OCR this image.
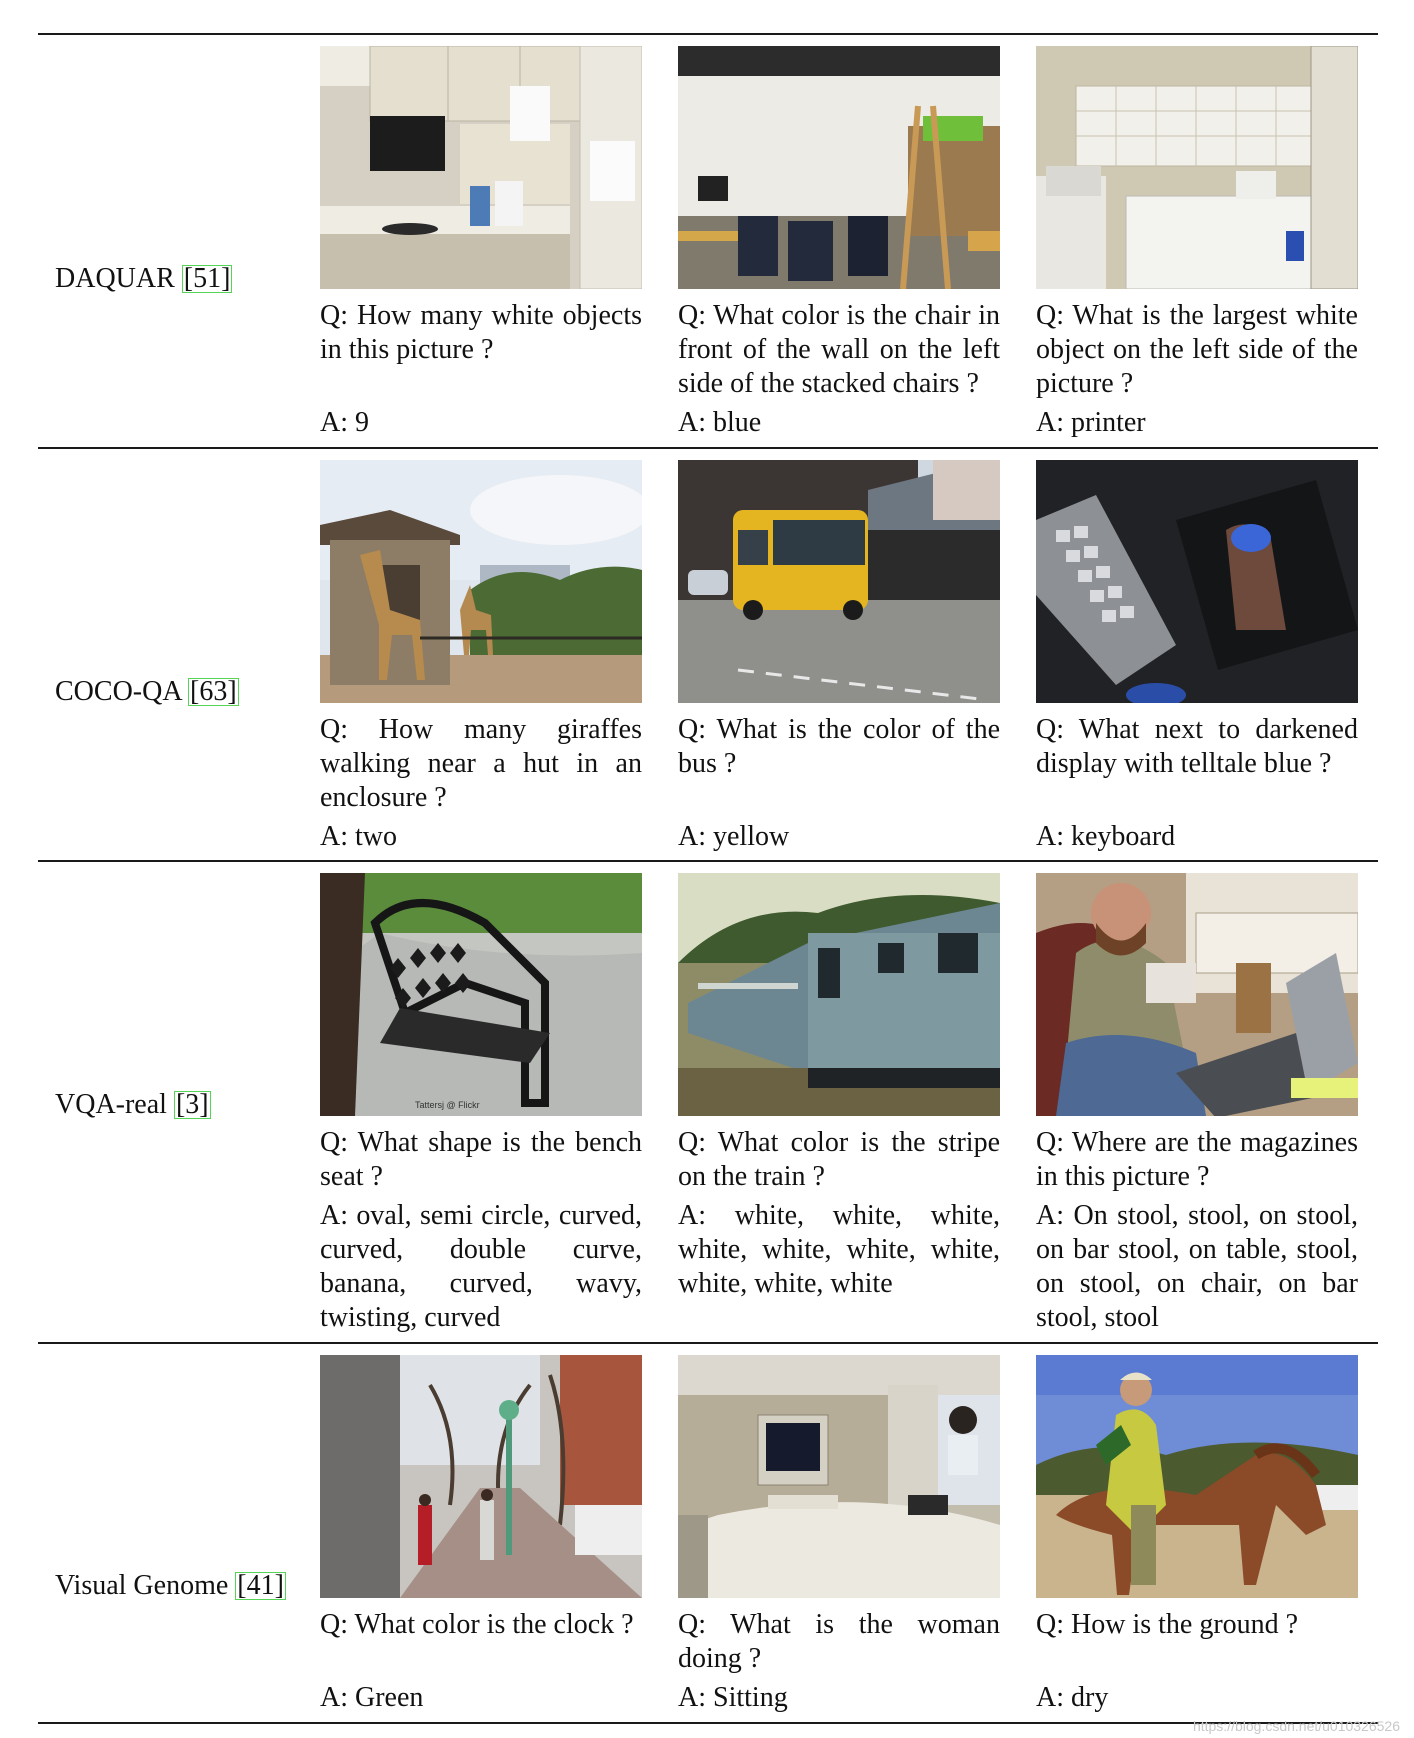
DAQUAR [51]
Q: How many white objects in this picture ?
A: 9
Q: What color is the chair in front of the wall on the left side of the stacked chairs ?
A: blue
Q: What is the largest white object on the left side of the picture ?
A: printer
COCO-QA [63]
Q: How many giraffes walking near a hut in an enclosure ?
A: two
Q: What is the color of the bus ?
A: yellow
Q: What next to darkened display with telltale blue ?
A: keyboard
VQA-real [3]	Tattersj @ Flickr
Q: What shape is the bench seat ?
A: oval, semi circle, curved, curved, double curve, banana, curved, wavy, twisting, curved
Q: What color is the stripe on the train ?
A: white, white, white, white, white, white, white, white, white, white
Q: Where are the magazines in this picture ?
A: On stool, stool, on stool, on bar stool, on table, stool, on stool, on chair, on bar stool, stool
Visual Genome [41]
Q: What color is the clock ?
A: Green
Q: What is the woman doing ?
A: Sitting
Q: How is the ground ?
A: dry
https://blog.csdn.net/u010326526
